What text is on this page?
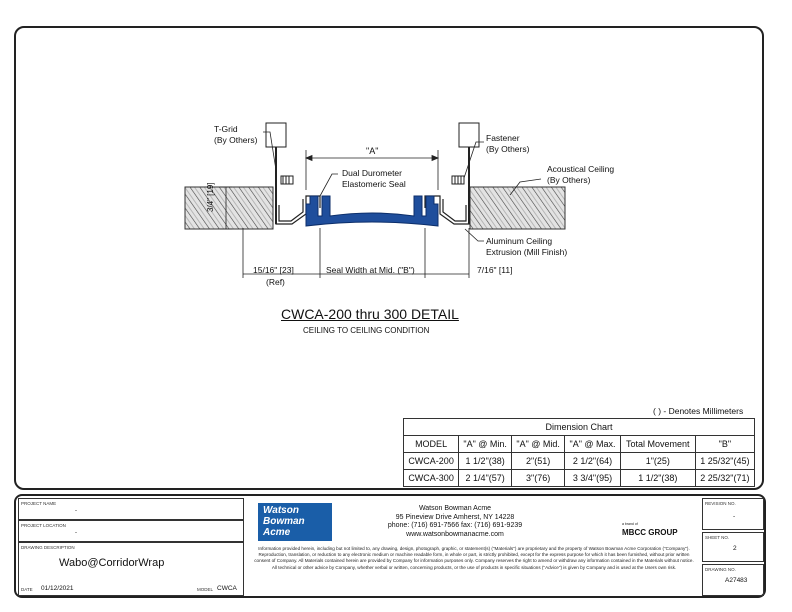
T-Grid
(By Others)	Fastener
(By Others)
Acoustical Ceiling
(By Others)
Dual Durometer
Elastomeric Seal
Aluminum Ceiling
Extrusion (Mill Finish)
"A"
15/16" [23]
(Ref)
Seal Width at Mid. ("B")	7/16" [11]
3/4" [19]
CWCA-200 thru 300 DETAIL
CEILING TO CEILING CONDITION
( ) - Denotes Millimeters
Dimension Chart					
MODEL	"A" @ Min.	"A" @ Mid.	"A" @ Max.	Total Movement	"B"
CWCA-200	1 1/2"(38)	2"(51)	2 1/2"(64)	1"(25)	1 25/32"(45)
CWCA-300	2 1/4"(57)	3"(76)	3 3/4"(95)	1 1/2"(38)	2 25/32"(71)
PROJECT NAME
-
PROJECT LOCATION
-
DRAWING DESCRIPTION
Wabo@CorridorWrap
DATE 01/12/2021	MODEL CWCA
Watson
Bowman
Acme
Watson Bowman Acme
95 Pineview Drive Amherst, NY 14228
phone: (716) 691-7566 fax: (716) 691-9239
www.watsonbowmanacme.com
a brand of
MBCC GROUP
Information provided herein, including but not limited to, any drawing, design, photograph, graphic, or statement(s) ("Materials") are proprietary and the property of Watson Bowman Acme Corporation ("Company"). Reproduction, translation, or reduction to any electronic medium or machine readable form, in whole or part, is strictly prohibited, except for the express purpose for which it has been furnished, without prior written consent of Company. All Materials contained herein are provided by Company for information purposes only. Company reserves the right to amend or withdraw any information contained in the Materials without notice. All technical or other advice by Company, whether verbal or written, concerning products, or the use of products in specific situations ("Advice") is given by Company and is used at the Users own risk.
REVISION NO.
-
SHEET NO.
2
DRAWING NO.
A27483
